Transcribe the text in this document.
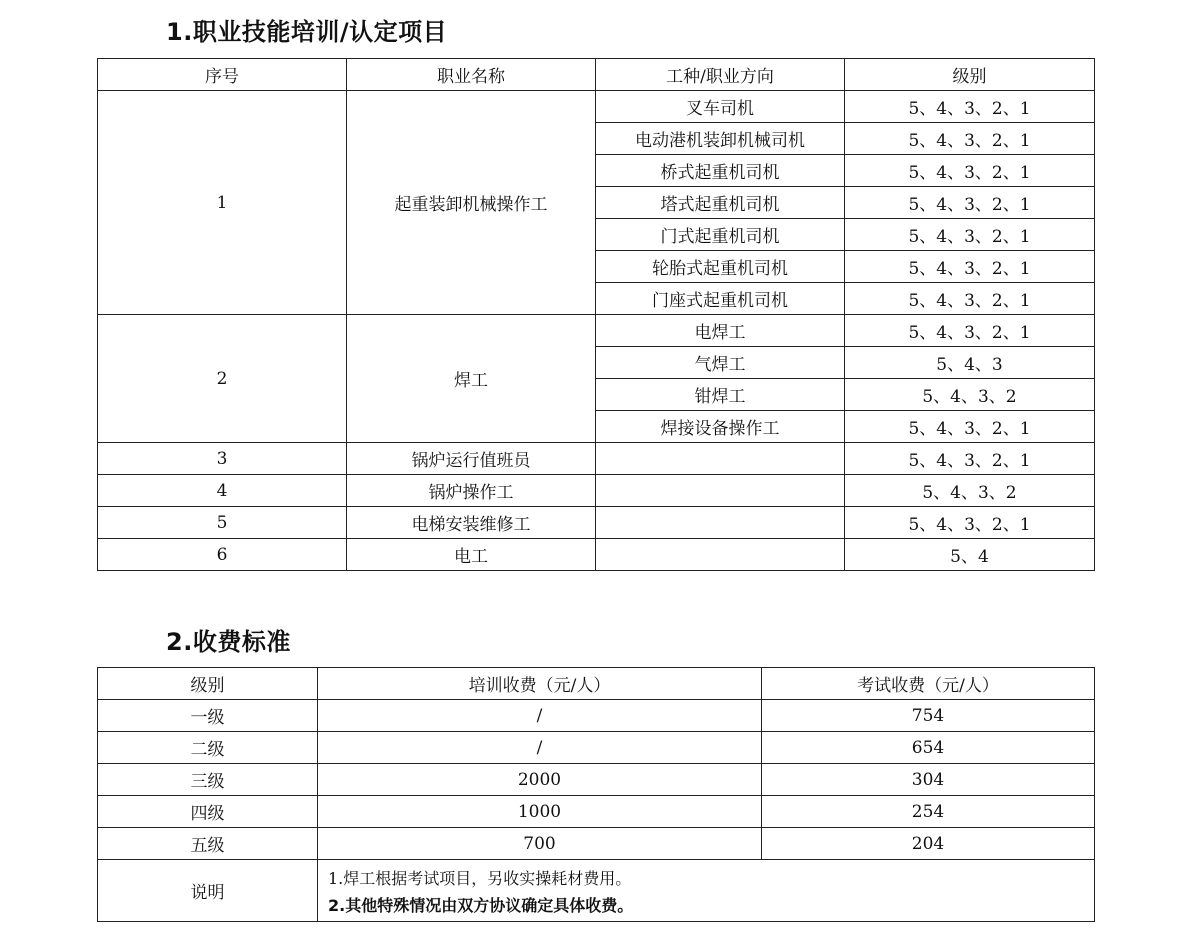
1.职业技能培训/认定项目
序号	职业名称	工种/职业方向	级别
1	起重装卸机械操作工	叉车司机	5、4、3、2、1
		电动港机装卸机械司机	5、4、3、2、1
		桥式起重机司机	5、4、3、2、1
		塔式起重机司机	5、4、3、2、1
		门式起重机司机	5、4、3、2、1
		轮胎式起重机司机	5、4、3、2、1
		门座式起重机司机	5、4、3、2、1
2	焊工	电焊工	5、4、3、2、1
		气焊工	5、4、3
		钳焊工	5、4、3、2
		焊接设备操作工	5、4、3、2、1
3	锅炉运行值班员		5、4、3、2、1
4	锅炉操作工		5、4、3、2
5	电梯安装维修工		5、4、3、2、1
6	电工		5、4
2.收费标准
级别	培训收费（元/人）	考试收费（元/人）
一级	/	754
二级	/	654
三级	2000	304
四级	1000	254
五级	700	204
说明	1.焊工根据考试项目，另收实操耗材费用。
2.其他特殊情况由双方协议确定具体收费。	
